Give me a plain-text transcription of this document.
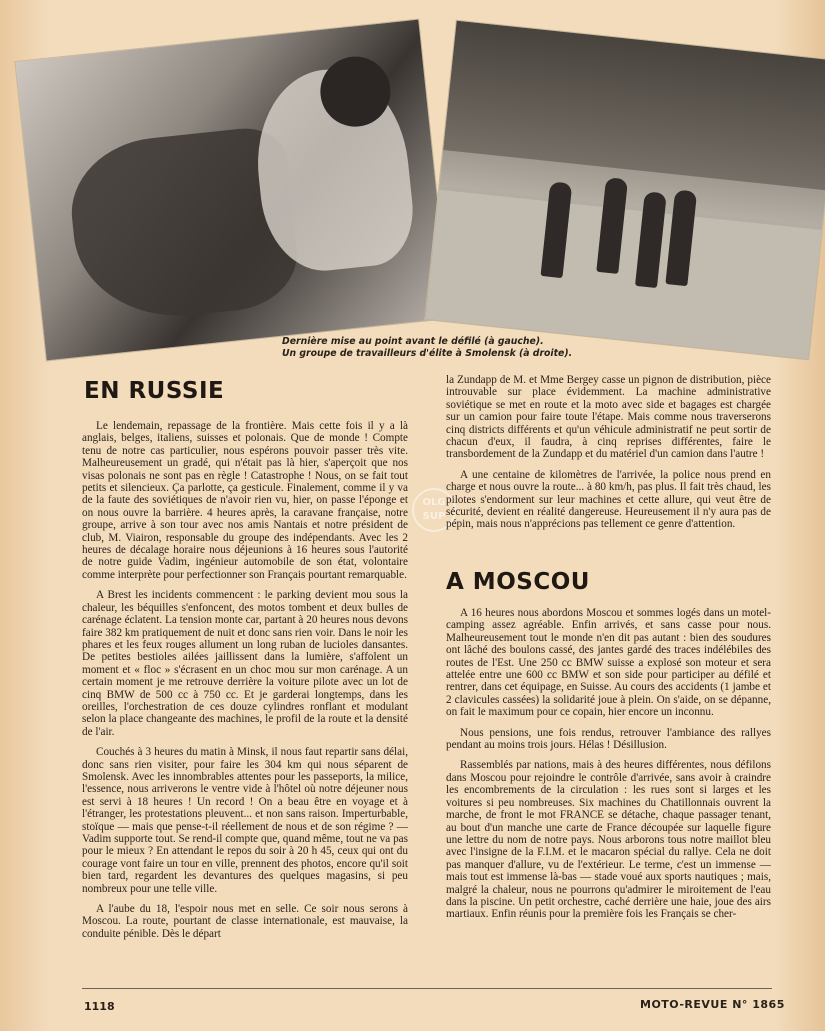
Dernière mise au point avant le défilé (à gauche).
Un groupe de travailleurs d'élite à Smolensk (à droite).
EN RUSSIE

Le lendemain, repassage de la frontière. Mais cette fois il y a là anglais, belges, italiens, suisses et polonais. Que de monde ! Compte tenu de notre cas particulier, nous espérons pouvoir passer très vite. Malheureusement un gradé, qui n'était pas là hier, s'aperçoit que nos visas polonais ne sont pas en règle ! Catastrophe ! Nous, on se fait tout petits et silencieux. Ça parlotte, ça gesticule. Finalement, comme il y va de la faute des soviétiques de n'avoir rien vu, hier, on passe l'éponge et on nous ouvre la barrière. 4 heures après, la caravane française, notre groupe, arrive à son tour avec nos amis Nantais et notre président de club, M. Viairon, responsable du groupe des indépendants. Avec les 2 heures de décalage horaire nous déjeunions à 16 heures sous l'autorité de notre guide Vadim, ingénieur automobile de son état, volontaire comme interprète pour perfectionner son Français pourtant remarquable.

A Brest les incidents commencent : le parking devient mou sous la chaleur, les béquilles s'enfoncent, des motos tombent et deux bulles de carénage éclatent. La tension monte car, partant à 20 heures nous devons faire 382 km pratiquement de nuit et donc sans rien voir. Dans le noir les phares et les feux rouges allument un long ruban de lucioles dansantes. De petites bestioles ailées jaillissent dans la lumière, s'affolent un moment et « floc » s'écrasent en un choc mou sur mon carénage. A un certain moment je me retrouve derrière la voiture pilote avec un lot de cinq BMW de 500 cc à 750 cc. Et je garderai longtemps, dans les oreilles, l'orchestration de ces douze cylindres ronflant et modulant selon la place changeante des machines, le profil de la route et la densité de l'air.

Couchés à 3 heures du matin à Minsk, il nous faut repartir sans délai, donc sans rien visiter, pour faire les 304 km qui nous séparent de Smolensk. Avec les innombrables attentes pour les passeports, la milice, l'essence, nous arriverons le ventre vide à l'hôtel où notre déjeuner nous est servi à 18 heures ! Un record ! On a beau être en voyage et à l'étranger, les protestations pleuvent... et non sans raison. Imperturbable, stoïque — mais que pense-t-il réellement de nous et de son régime ? — Vadim supporte tout. Se rend-il compte que, quand même, tout ne va pas pour le mieux ? En attendant le repos du soir à 20 h 45, ceux qui ont du courage vont faire un tour en ville, prennent des photos, encore qu'il soit bien tard, regardent les devantures des quelques magasins, si peu nombreux pour une telle ville.

A l'aube du 18, l'espoir nous met en selle. Ce soir nous serons à Moscou. La route, pourtant de classe internationale, est mauvaise, la conduite pénible. Dès le départ

OLG SUP

la Zundapp de M. et Mme Bergey casse un pignon de distribution, pièce introuvable sur place évidemment. La machine administrative soviétique se met en route et la moto avec side et bagages est chargée sur un camion pour faire toute l'étape. Mais comme nous traverserons cinq districts différents et qu'un véhicule administratif ne peut sortir de chacun d'eux, il faudra, à cinq reprises différentes, faire le transbordement de la Zundapp et du matériel d'un camion dans l'autre !

A une centaine de kilomètres de l'arrivée, la police nous prend en charge et nous ouvre la route... à 80 km/h, pas plus. Il fait très chaud, les pilotes s'endorment sur leur machines et cette allure, qui veut être de sécurité, devient en réalité dangereuse. Heureusement il n'y aura pas de pépin, mais nous n'apprécions pas tellement ce genre d'attention.

A MOSCOU

A 16 heures nous abordons Moscou et sommes logés dans un motel-camping assez agréable. Enfin arrivés, et sans casse pour nous. Malheureusement tout le monde n'en dit pas autant : bien des soudures ont lâché des boulons cassé, des jantes gardé des traces indélébiles des routes de l'Est. Une 250 cc BMW suisse a explosé son moteur et sera attelée entre une 600 cc BMW et son side pour participer au défilé et rentrer, dans cet équipage, en Suisse. Au cours des accidents (1 jambe et 2 clavicules cassées) la solidarité joue à plein. On s'aide, on se dépanne, on fait le maximum pour ce copain, hier encore un inconnu.

Nous pensions, une fois rendus, retrouver l'ambiance des rallyes pendant au moins trois jours. Hélas ! Désillusion.

Rassemblés par nations, mais à des heures différentes, nous défilons dans Moscou pour rejoindre le contrôle d'arrivée, sans avoir à craindre les encombrements de la circulation : les rues sont si larges et les voitures si peu nombreuses. Six machines du Chatillonnais ouvrent la marche, de front le mot FRANCE se détache, chaque passager tenant, au bout d'un manche une carte de France découpée sur laquelle figure une lettre du nom de notre pays. Nous arborons tous notre maillot bleu avec l'insigne de la F.I.M. et le macaron spécial du rallye. Cela ne doit pas manquer d'allure, vu de l'extérieur. Le terme, c'est un immense — mais tout est immense là-bas — stade voué aux sports nautiques ; mais, malgré la chaleur, nous ne pourrons qu'admirer le miroitement de l'eau dans la piscine. Un petit orchestre, caché derrière une haie, joue des airs martiaux. Enfin réunis pour la première fois les Français se cher-

1118	MOTO-REVUE N° 1865
